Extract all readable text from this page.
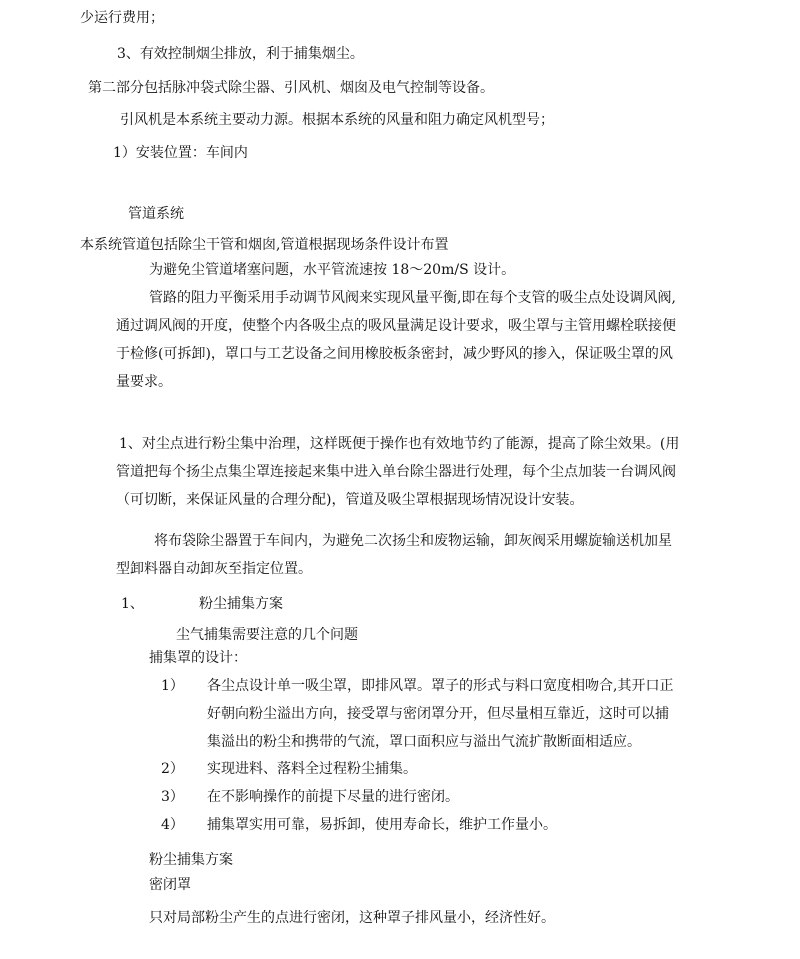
少运行费用；
3、有效控制烟尘排放，利于捕集烟尘。
第二部分包括脉冲袋式除尘器、引风机、烟囱及电气控制等设备。
引风机是本系统主要动力源。根据本系统的风量和阻力确定风机型号；
1）安装位置：车间内
管道系统
本系统管道包括除尘干管和烟囱,管道根据现场条件设计布置
为避免尘管道堵塞问题，水平管流速按 18～20m/S 设计。
管路的阻力平衡采用手动调节风阀来实现风量平衡,即在每个支管的吸尘点处设调风阀,
通过调风阀的开度，使整个内各吸尘点的吸风量满足设计要求，吸尘罩与主管用螺栓联接便
于检修(可拆卸)，罩口与工艺设备之间用橡胶板条密封，减少野风的掺入，保证吸尘罩的风
量要求。
1、对尘点进行粉尘集中治理，这样既便于操作也有效地节约了能源，提高了除尘效果。(用
管道把每个扬尘点集尘罩连接起来集中进入单台除尘器进行处理，每个尘点加装一台调风阀
（可切断，来保证风量的合理分配)，管道及吸尘罩根据现场情况设计安装。
将布袋除尘器置于车间内，为避免二次扬尘和废物运输，卸灰阀采用螺旋输送机加星
型卸料器自动卸灰至指定位置。
1、	粉尘捕集方案
尘气捕集需要注意的几个问题
捕集罩的设计：
1） 各尘点设计单一吸尘罩，即排风罩。罩子的形式与料口宽度相吻合,其开口正
好朝向粉尘溢出方向，接受罩与密闭罩分开，但尽量相互靠近，这时可以捕
集溢出的粉尘和携带的气流，罩口面积应与溢出气流扩散断面相适应。
2） 实现进料、落料全过程粉尘捕集。
3） 在不影响操作的前提下尽量的进行密闭。
4） 捕集罩实用可靠，易拆卸，使用寿命长，维护工作量小。
粉尘捕集方案
密闭罩
只对局部粉尘产生的点进行密闭，这种罩子排风量小，经济性好。
